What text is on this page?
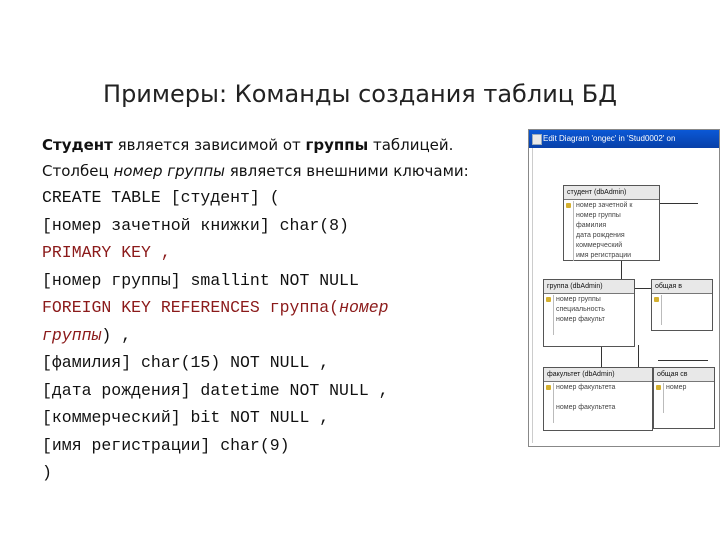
Примеры: Команды создания таблиц БД
Студент является зависимой от группы таблицей.
Столбец номер группы является внешними ключами:
CREATE TABLE [студент] (
[номер зачетной книжки] char(8)
PRIMARY KEY ,
[номер группы] smallint NOT NULL
FOREIGN KEY REFERENCES группа(номер
группы) ,
[фамилия] char(15) NOT NULL ,
[дата рождения] datetime NOT NULL ,
[коммерческий] bit NOT NULL ,
[имя регистрации] char(9)
)
Edit Diagram 'ongec' in 'Stud0002' on
студент (dbAdmin)
номер зачетной к
номер группы
фамилия
дата рождения
коммерческий
имя регистрации
группа (dbAdmin)
номер группы
специальность
номер факульт
общая в
факультет (dbAdmin)
номер факультета
номер факультета
общая св
номер
